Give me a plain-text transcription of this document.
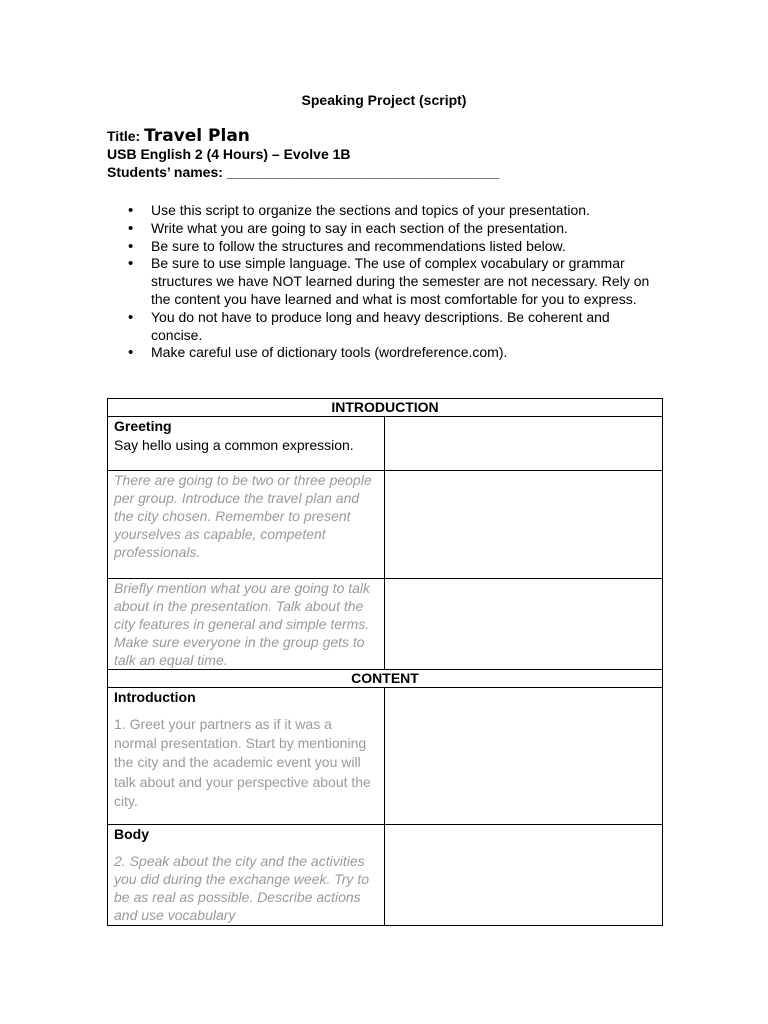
Speaking Project (script)
Title: Travel Plan
USB English 2 (4 Hours) – Evolve 1B
Students’ names: ___________________________________
• Use this script to organize the sections and topics of your presentation.
• Write what you are going to say in each section of the presentation.
• Be sure to follow the structures and recommendations listed below.
• Be sure to use simple language. The use of complex vocabulary or grammar structures we have NOT learned during the semester are not necessary. Rely on the content you have learned and what is most comfortable for you to express.
• You do not have to produce long and heavy descriptions. Be coherent and concise.
• Make careful use of dictionary tools (wordreference.com).
INTRODUCTION	

Greeting
Say hello using a common expression.	

There are going to be two or three people per group. Introduce the travel plan and the city chosen. Remember to present yourselves as capable, competent professionals.	

Briefly mention what you are going to talk about in the presentation. Talk about the city features in general and simple terms. Make sure everyone in the group gets to talk an equal time.	

CONTENT	

Introduction
1. Greet your partners as if it was a normal presentation. Start by mentioning the city and the academic event you will talk about and your perspective about the city.	

Body
2. Speak about the city and the activities you did during the exchange week. Try to be as real as possible. Describe actions and use vocabulary	
